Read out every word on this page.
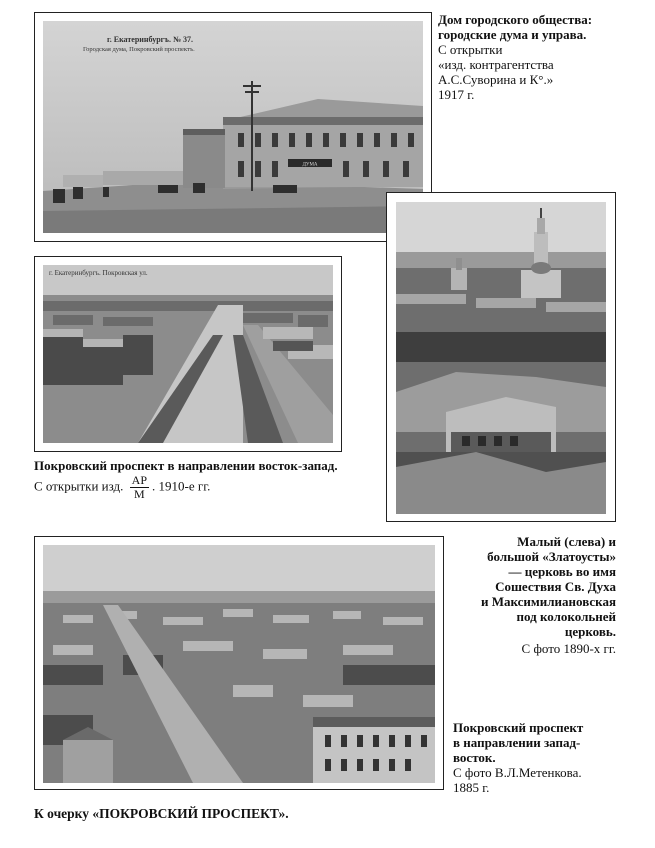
ДУМА
г. Екатеринбургъ. № 37.
Городская дума, Покровский проспектъ.
Дом городского общества: городские дума и управа.
С открытки
«изд. контрагентства
А.С.Суворина и К°.»
1917 г.
г. Екатеринбургъ. Покровская ул.
Покровский проспект в направлении восток-запад.
С открытки изд. $\frac{АР}{М}$ . 1910-е гг.
Малый (слева) и
большой «Златоусты»
— церковь во имя
Сошествия Св. Духа
и Максимилиановская
под колокольней
церковь.
С фото 1890-х гг.
Покровский проспект
в направлении запад-
восток.
С фото В.Л.Метенкова.
1885 г.
К очерку «ПОКРОВСКИЙ ПРОСПЕКТ».
